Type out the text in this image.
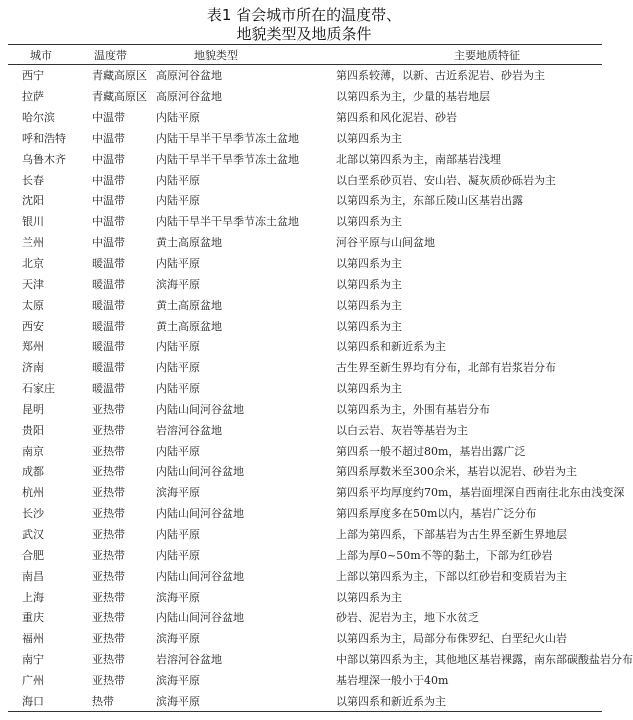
表1 省会城市所在的温度带、
地貌类型及地质条件
城市	温度带	地貌类型	主要地质特征
西宁	青藏高原区	高原河谷盆地	第四系较薄，以新、古近系泥岩、砂岩为主
拉萨	青藏高原区	高原河谷盆地	以第四系为主，少量的基岩地层
哈尔滨	中温带	内陆平原	第四系和风化泥岩、砂岩
呼和浩特	中温带	内陆干旱半干旱季节冻土盆地	以第四系为主
乌鲁木齐	中温带	内陆干旱半干旱季节冻土盆地	北部以第四系为主，南部基岩浅埋
长春	中温带	内陆平原	以白垩系砂页岩、安山岩、凝灰质砂砾岩为主
沈阳	中温带	内陆平原	以第四系为主，东部丘陵山区基岩出露
银川	中温带	内陆干旱半干旱季节冻土盆地	以第四系为主
兰州	中温带	黄土高原盆地	河谷平原与山间盆地
北京	暖温带	内陆平原	以第四系为主
天津	暖温带	滨海平原	以第四系为主
太原	暖温带	黄土高原盆地	以第四系为主
西安	暖温带	黄土高原盆地	以第四系为主
郑州	暖温带	内陆平原	以第四系和新近系为主
济南	暖温带	内陆平原	古生界至新生界均有分布，北部有岩浆岩分布
石家庄	暖温带	内陆平原	以第四系为主
昆明	亚热带	内陆山间河谷盆地	以第四系为主，外围有基岩分布
贵阳	亚热带	岩溶河谷盆地	以白云岩、灰岩等基岩为主
南京	亚热带	内陆平原	第四系一般不超过80m，基岩出露广泛
成都	亚热带	内陆山间河谷盆地	第四系厚数米至300余米，基岩以泥岩、砂岩为主
杭州	亚热带	滨海平原	第四系平均厚度约70m，基岩面埋深自西南往北东由浅变深
长沙	亚热带	内陆山间河谷盆地	第四系厚度多在50m以内，基岩广泛分布
武汉	亚热带	内陆平原	上部为第四系，下部基岩为古生界至新生界地层
合肥	亚热带	内陆平原	上部为厚0~50m不等的黏土，下部为红砂岩
南昌	亚热带	内陆山间河谷盆地	上部以第四系为主，下部以红砂岩和变质岩为主
上海	亚热带	滨海平原	以第四系为主
重庆	亚热带	内陆山间河谷盆地	砂岩、泥岩为主，地下水贫乏
福州	亚热带	滨海平原	以第四系为主，局部分布侏罗纪、白垩纪火山岩
南宁	亚热带	岩溶河谷盆地	中部以第四系为主，其他地区基岩裸露，南东部碳酸盐岩分布
广州	亚热带	滨海平原	基岩埋深一般小于40m
海口	热带	滨海平原	以第四系和新近系为主
